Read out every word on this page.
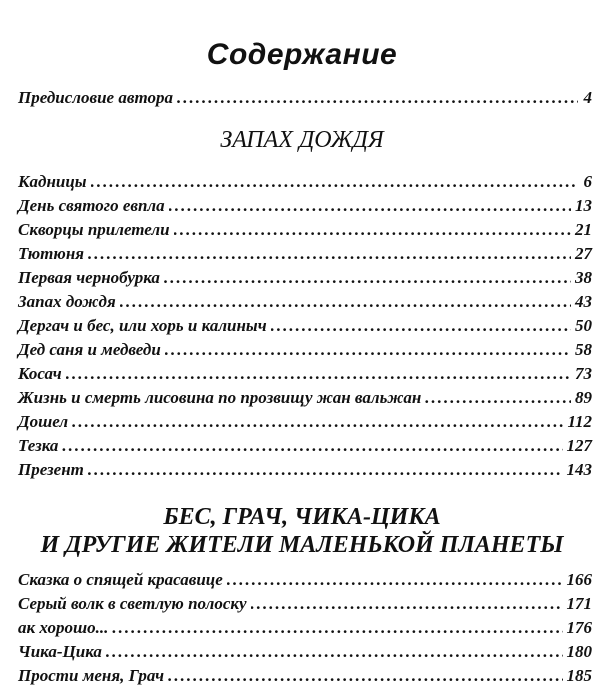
Содержание
Предисловие автора .....	4
ЗАПАХ ДОЖДЯ
Кадницы .....	6
День святого евпла .....	13
Скворцы прилетели .....	21
Тютюня .....	27
Первая чернобурка .....	38
Запах дождя .....	43
Дергач и бес, или хорь и калиныч .....	50
Дед саня и медведи .....	58
Косач .....	73
Жизнь и смерть лисовина по прозвищу жан вальжан .....	89
Дошел .....	112
Тезка .....	127
Презент .....	143
БЕС, ГРАЧ, ЧИКА-ЦИКА
И ДРУГИЕ ЖИТЕЛИ МАЛЕНЬКОЙ ПЛАНЕТЫ
Сказка о спящей красавице .....	166
Серый волк в светлую полоску .....	171
ак хорошо... .....	176
Чика-Цика .....	180
Прости меня, Грач .....	185
